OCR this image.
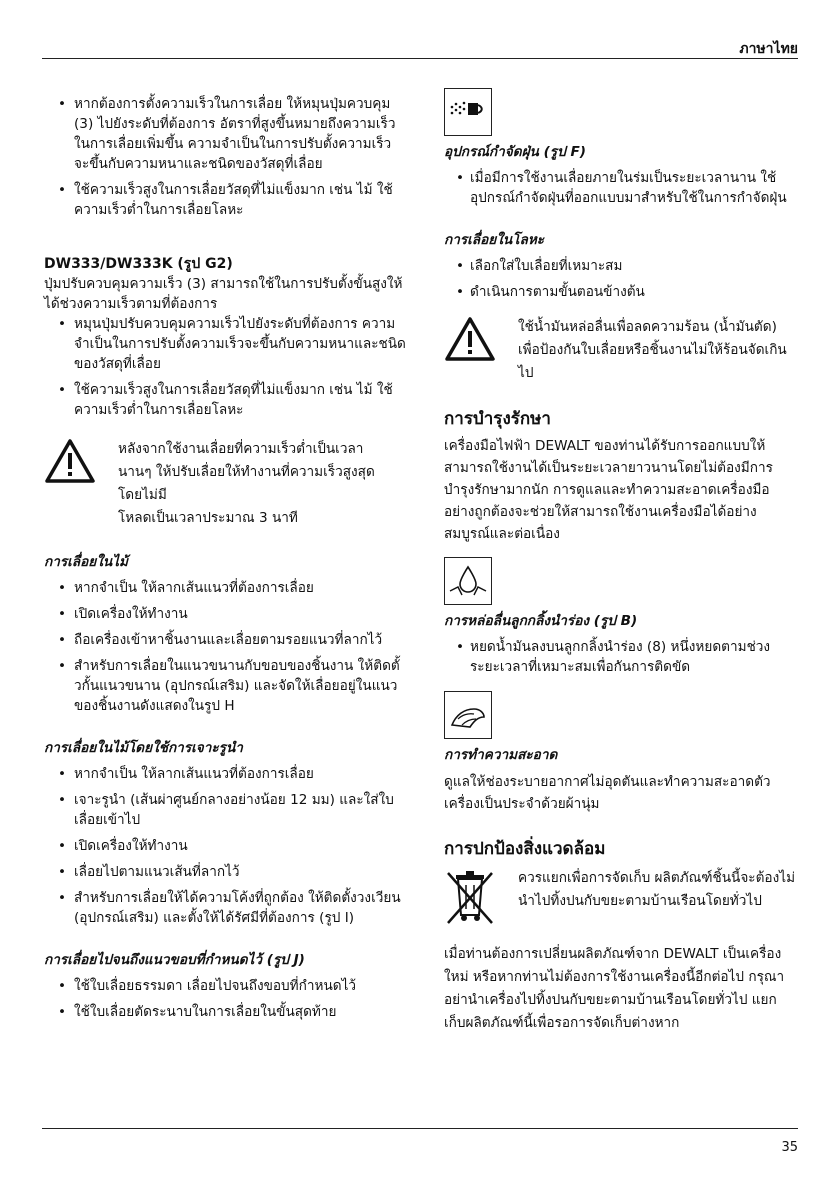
ภาษาไทย
• หากต้องการตั้งความเร็วในการเลื่อย ให้หมุนปุ่มควบคุม (3) ไปยังระดับที่ต้องการ อัตราที่สูงขึ้นหมายถึงความเร็วในการเลื่อยเพิ่มขึ้น ความจำเป็นในการปรับตั้งความเร็วจะขึ้นกับความหนาและชนิดของวัสดุที่เลื่อย
• ใช้ความเร็วสูงในการเลื่อยวัสดุที่ไม่แข็งมาก เช่น ไม้ ใช้ความเร็วต่ำในการเลื่อยโลหะ

DW333/DW333K (รูป G2)

ปุ่มปรับควบคุมความเร็ว (3) สามารถใช้ในการปรับตั้งขั้นสูงให้ได้ช่วงความเร็วตามที่ต้องการ

• หมุนปุ่มปรับควบคุมความเร็วไปยังระดับที่ต้องการ ความจำเป็นในการปรับตั้งความเร็วจะขึ้นกับความหนาและชนิดของวัสดุที่เลื่อย
• ใช้ความเร็วสูงในการเลื่อยวัสดุที่ไม่แข็งมาก เช่น ไม้ ใช้ความเร็วต่ำในการเลื่อยโลหะ

หลังจากใช้งานเลื่อยที่ความเร็วต่ำเป็นเวลา

นานๆ ให้ปรับเลื่อยให้ทำงานที่ความเร็วสูงสุด

โดยไม่มี

โหลดเป็นเวลาประมาณ 3 นาที

การเลื่อยในไม้

• หากจำเป็น ให้ลากเส้นแนวที่ต้องการเลื่อย
• เปิดเครื่องให้ทำงาน
• ถือเครื่องเข้าหาชิ้นงานและเลื่อยตามรอยแนวที่ลากไว้
• สำหรับการเลื่อยในแนวขนานกับขอบของชิ้นงาน ให้ติดตั้วกั้นแนวขนาน (อุปกรณ์เสริม) และจัดให้เลื่อยอยู่ในแนวของชิ้นงานดังแสดงในรูป H

การเลื่อยในไม้โดยใช้การเจาะรูนำ

• หากจำเป็น ให้ลากเส้นแนวที่ต้องการเลื่อย
• เจาะรูนำ (เส้นผ่าศูนย์กลางอย่างน้อย 12 มม) และใส่ใบเลื่อยเข้าไป
• เปิดเครื่องให้ทำงาน
• เลื่อยไปตามแนวเส้นที่ลากไว้
• สำหรับการเลื่อยให้ได้ความโค้งที่ถูกต้อง ให้ติดตั้งวงเวียน (อุปกรณ์เสริม) และตั้งให้ได้รัศมีที่ต้องการ (รูป I)

การเลื่อยไปจนถึงแนวขอบที่กำหนดไว้ (รูป J)

• ใช้ใบเลื่อยธรรมดา เลื่อยไปจนถึงขอบที่กำหนดไว้
• ใช้ใบเลื่อยตัดระนาบในการเลื่อยในขั้นสุดท้าย

อุปกรณ์กำจัดฝุ่น (รูป F)

• เมื่อมีการใช้งานเลื่อยภายในร่มเป็นระยะเวลานาน ใช้อุปกรณ์กำจัดฝุ่นที่ออกแบบมาสำหรับใช้ในการกำจัดฝุ่น

การเลื่อยในโลหะ

• เลือกใส่ใบเลื่อยที่เหมาะสม
• ดำเนินการตามขั้นตอนข้างต้น

ใช้น้ำมันหล่อลื่นเพื่อลดความร้อน (น้ำมันตัด) เพื่อป้องกันใบเลื่อยหรือชิ้นงานไม่ให้ร้อนจัดเกินไป

การบำรุงรักษา

เครื่องมือไฟฟ้า DEWALT ของท่านได้รับการออกแบบให้สามารถใช้งานได้เป็นระยะเวลายาวนานโดยไม่ต้องมีการบำรุงรักษามากนัก การดูแลและทำความสะอาดเครื่องมืออย่างถูกต้องจะช่วยให้สามารถใช้งานเครื่องมือได้อย่างสมบูรณ์และต่อเนื่อง

การหล่อลื่นลูกกลิ้งนำร่อง (รูป B)

• หยดน้ำมันลงบนลูกกลิ้งนำร่อง (8) หนึ่งหยดตามช่วงระยะเวลาที่เหมาะสมเพื่อกันการติดขัด

การทำความสะอาด

ดูแลให้ช่องระบายอากาศไม่อุดตันและทำความสะอาดตัวเครื่องเป็นประจำด้วยผ้านุ่ม

การปกป้องสิ่งแวดล้อม

ควรแยกเพื่อการจัดเก็บ ผลิตภัณฑ์ชิ้นนี้จะต้องไม่นำไปทิ้งปนกับขยะตามบ้านเรือนโดยทั่วไป

เมื่อท่านต้องการเปลี่ยนผลิตภัณฑ์จาก DEWALT เป็นเครื่องใหม่ หรือหากท่านไม่ต้องการใช้งานเครื่องนี้อีกต่อไป กรุณาอย่านำเครื่องไปทิ้งปนกับขยะตามบ้านเรือนโดยทั่วไป แยกเก็บผลิตภัณฑ์นี้เพื่อรอการจัดเก็บต่างหาก

35
